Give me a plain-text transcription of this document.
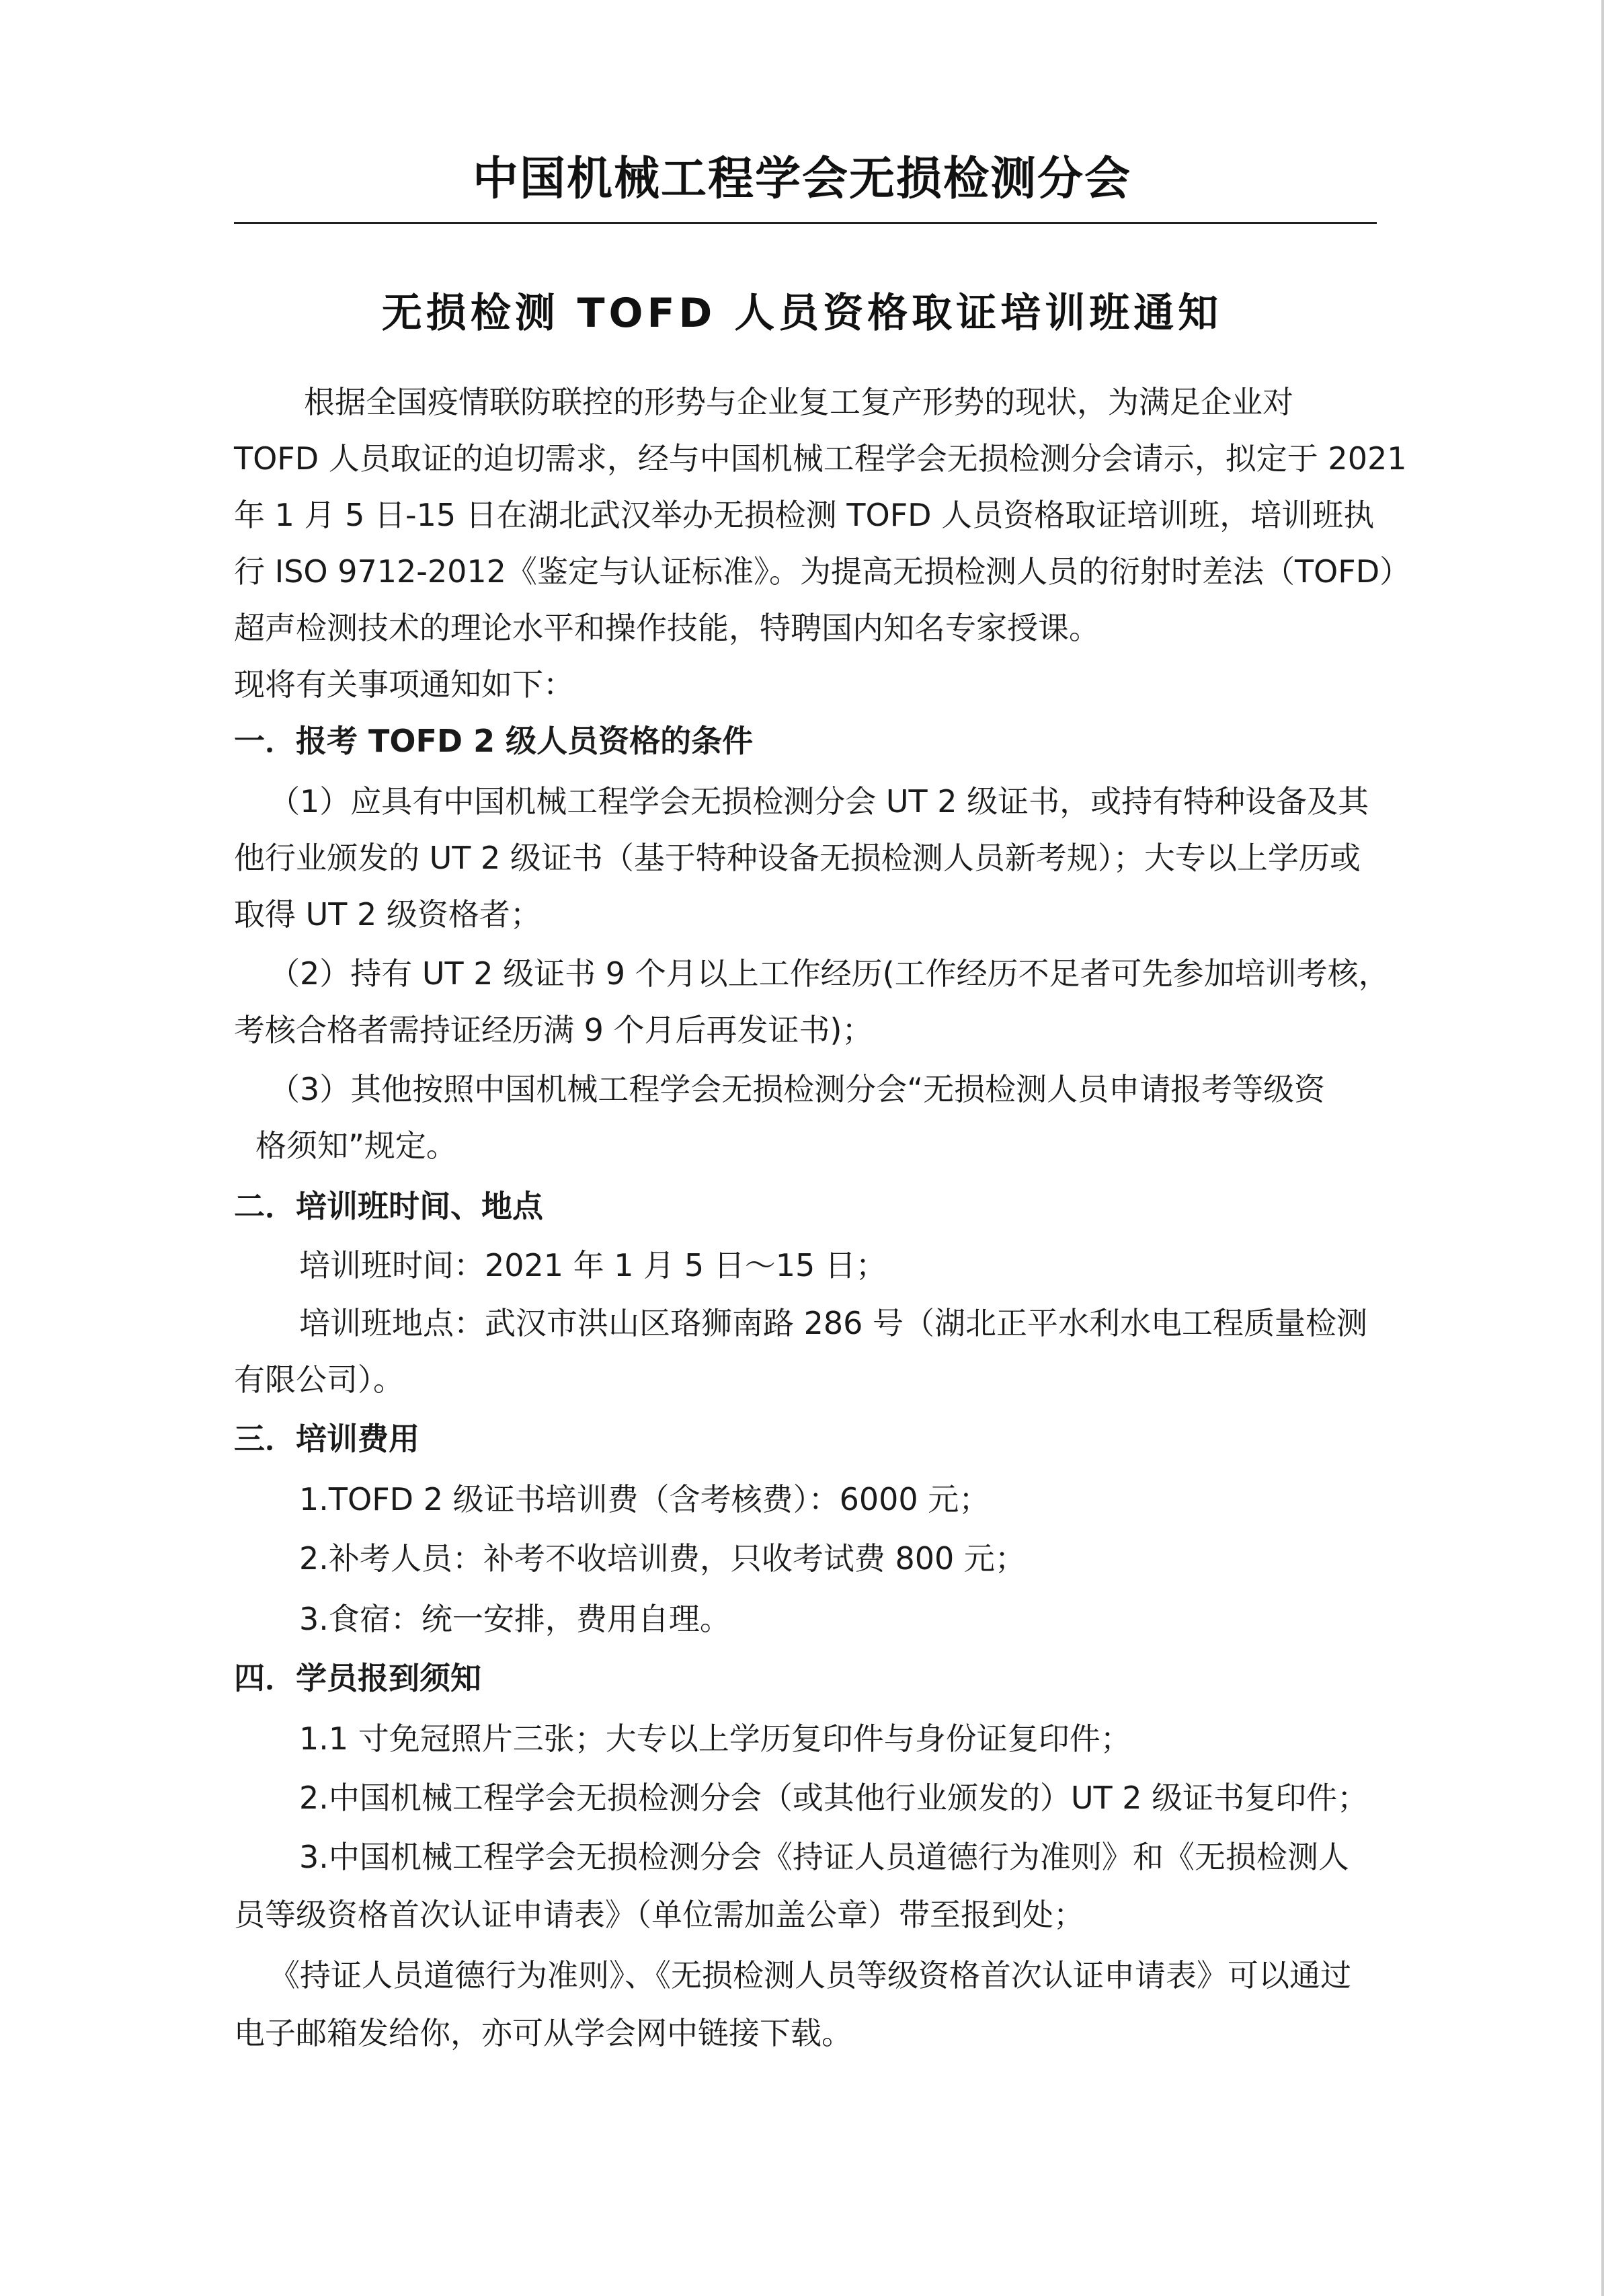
中国机械工程学会无损检测分会
无损检测 TOFD 人员资格取证培训班通知
根据全国疫情联防联控的形势与企业复工复产形势的现状，为满足企业对
TOFD 人员取证的迫切需求，经与中国机械工程学会无损检测分会请示，拟定于 2021
年 1 月 5 日-15 日在湖北武汉举办无损检测 TOFD 人员资格取证培训班，培训班执
行 ISO 9712-2012《鉴定与认证标准》。为提高无损检测人员的衍射时差法（TOFD）
超声检测技术的理论水平和操作技能，特聘国内知名专家授课。
现将有关事项通知如下：
一．报考 TOFD 2 级人员资格的条件
（1）应具有中国机械工程学会无损检测分会 UT 2 级证书，或持有特种设备及其
他行业颁发的 UT 2 级证书（基于特种设备无损检测人员新考规）；大专以上学历或
取得 UT 2 级资格者；
（2）持有 UT 2 级证书 9 个月以上工作经历(工作经历不足者可先参加培训考核，
考核合格者需持证经历满 9 个月后再发证书)；
（3）其他按照中国机械工程学会无损检测分会“无损检测人员申请报考等级资
格须知”规定。
二．培训班时间、地点
培训班时间：2021 年 1 月 5 日～15 日；
培训班地点：武汉市洪山区珞狮南路 286 号（湖北正平水利水电工程质量检测
有限公司）。
三．培训费用
1.TOFD 2 级证书培训费（含考核费）：6000 元；
2.补考人员：补考不收培训费，只收考试费 800 元；
3.食宿：统一安排，费用自理。
四．学员报到须知
1.1 寸免冠照片三张；大专以上学历复印件与身份证复印件；
2.中国机械工程学会无损检测分会（或其他行业颁发的）UT 2 级证书复印件；
3.中国机械工程学会无损检测分会《持证人员道德行为准则》和《无损检测人
员等级资格首次认证申请表》（单位需加盖公章）带至报到处；
《持证人员道德行为准则》、《无损检测人员等级资格首次认证申请表》可以通过
电子邮箱发给你，亦可从学会网中链接下载。
